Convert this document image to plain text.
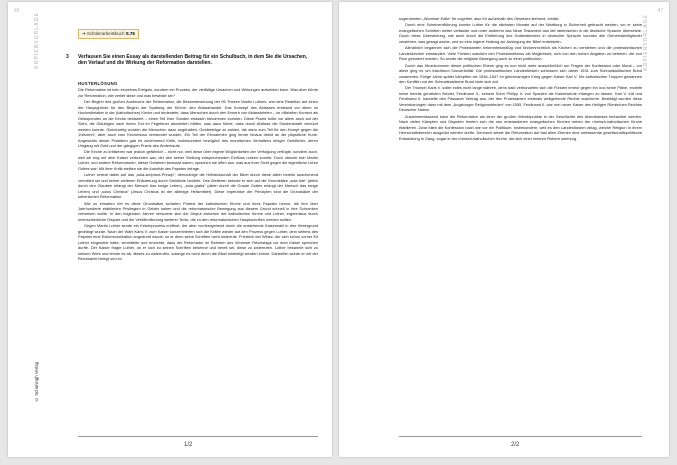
46
KOPIERVORLAGE
© Schöningh Verlag
➜ Schülerarbeitsbuch S.76
3 Verfassen Sie einen Essay als darstellenden Beitrag für ein Schulbuch, in dem Sie die Ursachen, den Verlauf und die Wirkung der Reformation darstellen.
HUSTERLÖSUNG

Die Reformation ist kein einzelnes Ereignis, sondern ein Prozess, der vielfältige Ursachen und Wirkungen aufweisen kann. Was aber führte zur Reformation, wie verlief diese und was bewirkte sie?

Der Beginn des großen Ausbruchs der Reformation, die Bekanntmachung der 95 Thesen Martin Luthers, war eine Reaktion auf einen der Hauptgründe für den Beginn der Spaltung der Kirche: den Ablasshandel. Das Konzept des Ablasses entstand vor allem im Hochmittelalter in der (katholischen) Kirche und bedeutete, dass Menschen durch den Erwerb von Ablassbriefen – im offiziellen Kontext als Geldspenden an die Kirche deklariert – einen Teil ihrer Sünden erlassen bekommen konnten. Diese Praxis fußte vor allem auch auf der Sicht, die Gläubigen nach ihrem Tod im Fegefeuer abzuleiten hätten, was dazu führte, dass durch Ablässe die Sündenstrafe verkürzt werden konnte. Gleichzeitig wurden die Menschen dazu angehalten, Geldbeträge zu zahlen, die dann zum Teil für den Kampf gegen die „Ketzerei“, aber auch zum Kirchenbau verwendet wurden. Ein Teil der Einnahmen ging ferner hinaus direkt an die päpstliche Kurie. Angesichts dieser Praktiken gab es zunehmend Kritik, insbesondere bezüglich des moralischen Verhaltens einiger Geistlicher, deren Umgang mit Geld und der gängigen Praxis des Ämterkaufs.

Die Kirche zu kritisieren war jedoch gefährlich – nicht nur, weil diese über eigene Möglichkeiten der Verfolgung verfügte, sondern auch, weil sie eng mit dem Kaiser verbunden war, der den seiner Stellung entsprechenden Einfluss nutzen konnte. Doch obwohl sich Martin Luther, und andere Reformatoren, dieser Gefahren bewusst waren, sprachen sie offen aus, was aus ihrer Sicht gegen die eigentliche Lehre Gottes war. Mit ihrer Kritik stellten sie die Autorität des Papstes infrage.

Luther vertrat dabei auf das „sola-scriptura-Prinzip“, demzufolge die Heilsbotschaft der Bibel durch diese allein bereits ausreichend vermittelt sei und keiner weiteren Erläuterung durch Geistliche bedürfe. Des Weiteren betonte er sich auf die Grundsätze „sola fide“ (allein durch den Glauben erlangt der Mensch das ewige Leben), „sola gratia“ (allein durch die Gnade Gottes erlangt der Mensch das ewige Leben) und „solus Christus“ (Jesus Christus ist der alleinige Heilsmittler). Diese Imperative der Prinzipien sind die Grundsätze der lutherischen Reformation.

Wie zu erwarten rief es diese Grundsätze scharfen Protest der katholischen Kirche und ihres Papstes hervor, die ihre über Jahrhunderte etablierten Privilegien in Gefahr sahen und die reformatorische Bewegung aus diesem Grund schnell in ihre Schranken verweisen wollte. In den folgenden Jahren versuchte sich der Disput zwischen der katholischen Kirche und Luther, ergebnislos durch unterschiedliche Dispute und die Veröffentlichung weiterer Texte, die zu den reformatorischen Hauptschriften werden sollten.

Gegen Martin Luther wurde ein Ketzerprozess eröffnet, der aber vorübergehend durch die anstehende Kaiserwahl in den Hintergrund gedrängt wurde. Nach der Wahl Karls V. zum Kaiser konzentrierten sich die Kräfte wieder auf den Prozess gegen Luther, dem seitens des Papstes eine Exkommunikation angedroht wurde, so er denn seine Schriften nicht widerrufe. Friedrich der Weise, der sich schon vorher für Luther eingesetzt hatte, vermittelte und erreichte, dass der Reformator im Rahmen des Wormser Reichstags vor dem Kaiser sprechen durfte. Der Kaiser fragte Luther, ob er sich zu seinen Schriften bekenne und bereit sei, diese zu widerrufen. Luther bekannte sich zu seinem Werk und lehnte es ab, dieses zu widerrufen, solange es nicht durch die Bibel widerlegt werden könne. Daraufhin wurde er mit der Reichsacht belegt und im

1/2
47
KOPIERVORLAGE

sogenannten „Wormser Edikt“ für vogelfrei, also für außerhalb des Gesetzes stehend, erklärt.

Durch eine Scheinentführung konnte Luther für die nächsten Monate auf der Wartburg in Sicherheit gebracht werden, wo er seine evangelischen Schriften weiter verfasste und unter anderem das Neue Testament aus der lateinischen in die deutsche Sprache übersetzte. Durch diese Übersetzung, wie auch durch die Einführung des Gottesdienstes in deutscher Sprache konnten alle Gemeindemitglieder verstehen, was gesagt wurde, und so eine eigene Haltung zur Auslegung der Bibel entwickeln.

Allmählich begannen sich die Protestanten bekenntnismäßig und kirchenrechtlich als Kirchen zu verstehen und die protestantischen Landeskirchen entstanden. Viele Fürsten wandten den Protestantismus als Möglichkeit, sich von den hohen Abgaben zu befreien, die von Rom gefordert wurden. So wurde die religiöse Bewegung auch zu einer politischen.

Durch das Hinzukommen dieser politischen Ebene ging es nun nicht mehr ausschließlich um Fragen der Konfession oder Moral – vor allem ging es um Machtund Souveränität. Die protestantischen Landesfürsten schlossen sich daher 1531 zum Schmalkaldischen Bund zusammen. Einige Jahre später kämpften sie 1546–1547 im gleichnamigen Krieg gegen Kaiser Karl V. Die katholischen Truppen gewannen den Konflikt und der Schmalkaldische Bund löste sich auf.

Der Triumph Karls V. sollte indes nicht lange währen, denn bald verbündeten sich die Fürsten erneut gegen ihn und seine Pläne, erzielte seine bereits genährten Brüder, Ferdinand II., seinem Sohn Philipp II. von Spanien die Kaiserwürde erlangen zu lassen. Karl V. tritt und Ferdinand II. handelte den Passauer Vertrag aus, der den Protestanten erstmals weitgehende Rechte zusicherte. Bestätigt wurden diese Vereinbarungen dann mit dem „Augsburger Religionsfrieden“ von 1555. Ferdinand II. war nun neuer Kaiser des Heiligen Römischen Reiches Deutscher Nation.

Zusammenfassend kann die Reformation als einer der großen Wendepunkte in der Geschichte des Abendlandes betrachtet werden. Nach vielen Kämpfen und Disputen lernten sich die neu entstandenen evangelischen Kirchen neben der römisch-katholischen Kirche etablieren. Zwar blieb die Konfession nach wie vor ein Politikum, insbesondere, weil es den Landesfürsten oblag, welche Religion in ihrem Herrschaftsbereich ausgeübt werden durfte. Dennoch setzte die Reformation auf fast allen Ebenen eine umfassende gesellschaftspolitische Entwicklung in Gang, sogar in der römisch-katholischen Kirche, die sich einer inneren Reform unterzog.

2/2
